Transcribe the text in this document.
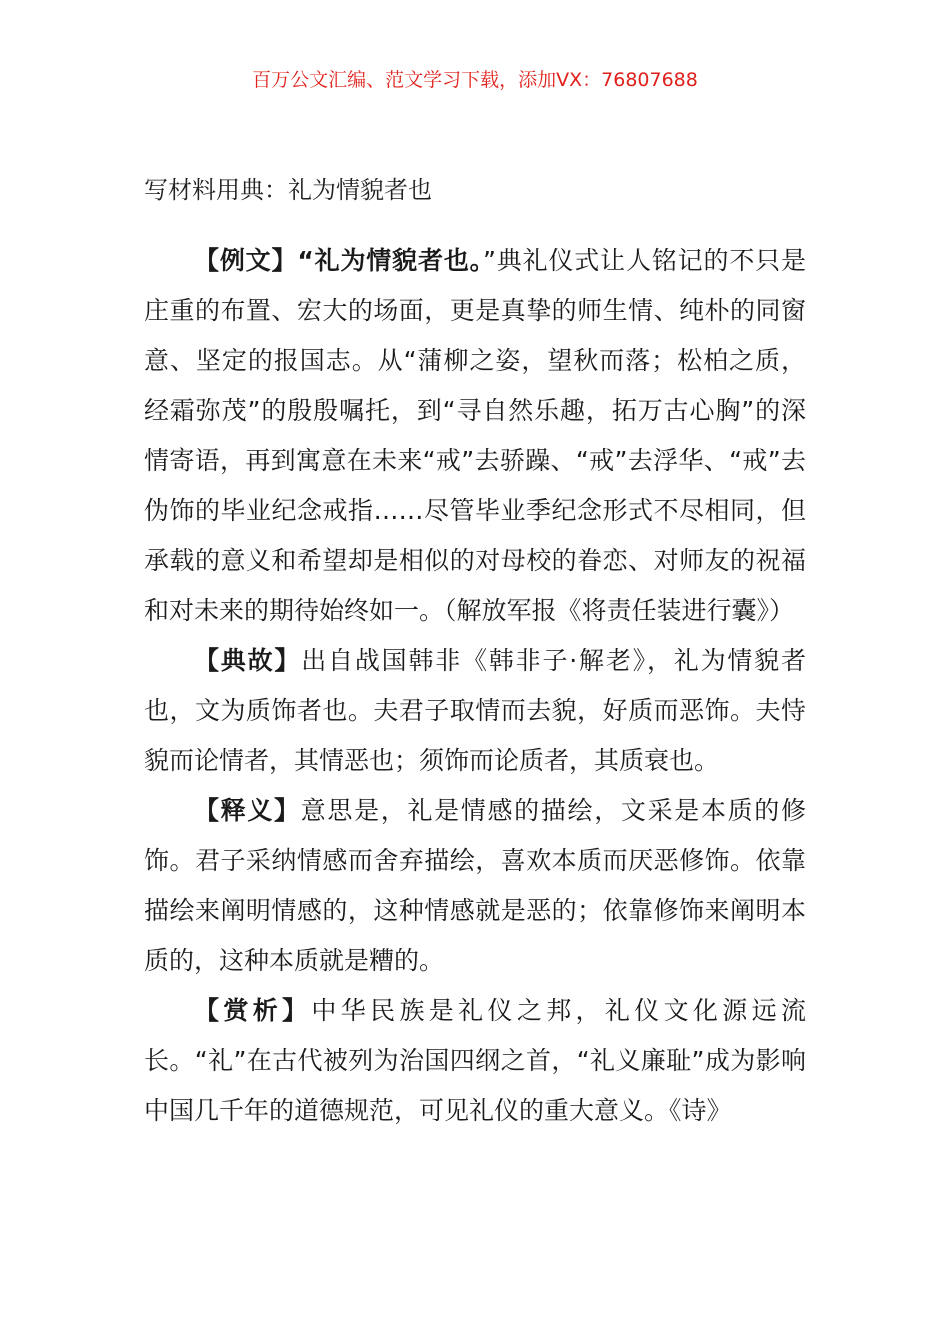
百万公文汇编、范文学习下载，添加VX：76807688
写材料用典：礼为情貌者也

【例文】“礼为情貌者也。”典礼仪式让人铭记的不只是庄重的布置、宏大的场面，更是真挚的师生情、纯朴的同窗意、坚定的报国志。从“蒲柳之姿，望秋而落；松柏之质，经霜弥茂”的殷殷嘱托，到“寻自然乐趣，拓万古心胸”的深情寄语，再到寓意在未来“戒”去骄躁、“戒”去浮华、“戒”去伪饰的毕业纪念戒指……尽管毕业季纪念形式不尽相同，但承载的意义和希望却是相似的对母校的眷恋、对师友的祝福和对未来的期待始终如一。（解放军报《将责任装进行囊》）

【典故】出自战国韩非《韩非子·解老》，礼为情貌者也，文为质饰者也。夫君子取情而去貌，好质而恶饰。夫恃貌而论情者，其情恶也；须饰而论质者，其质衰也。

【释义】意思是，礼是情感的描绘，文采是本质的修饰。君子采纳情感而舍弃描绘，喜欢本质而厌恶修饰。依靠描绘来阐明情感的，这种情感就是恶的；依靠修饰来阐明本质的，这种本质就是糟的。

【赏析】中华民族是礼仪之邦，礼仪文化源远流长。“礼”在古代被列为治国四纲之首，“礼义廉耻”成为影响中国几千年的道德规范，可见礼仪的重大意义。《诗》
